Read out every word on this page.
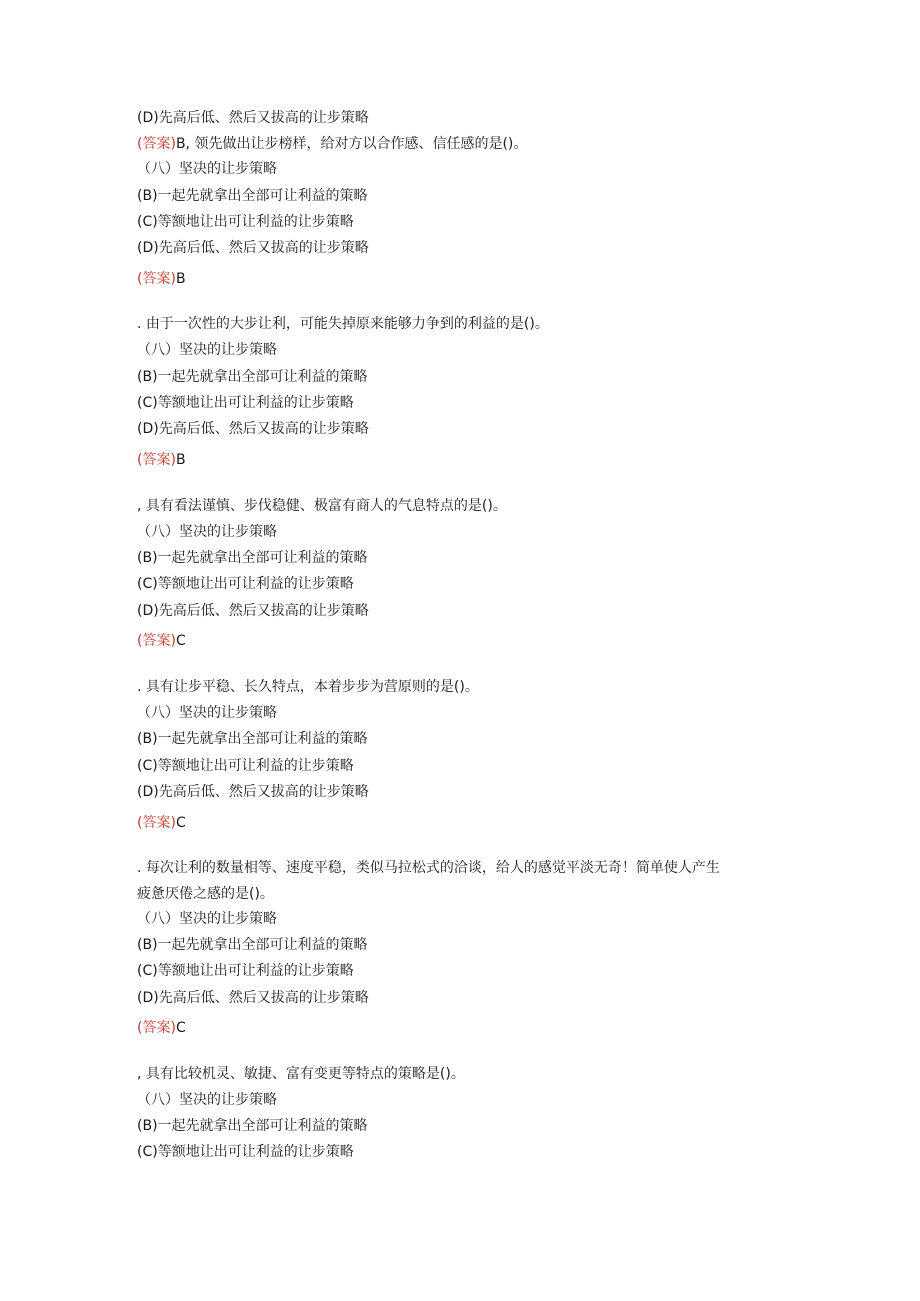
(D)先高后低、然后又拔高的让步策略
(答案)B, 领先做出让步榜样，给对方以合作感、信任感的是()。
（八）坚决的让步策略
(B)一起先就拿出全部可让利益的策略
(C)等额地让出可让利益的让步策略
(D)先高后低、然后又拔高的让步策略
(答案)B
. 由于一次性的大步让利，可能失掉原来能够力争到的利益的是()。
（八）坚决的让步策略
(B)一起先就拿出全部可让利益的策略
(C)等额地让出可让利益的让步策略
(D)先高后低、然后又拔高的让步策略
(答案)B
, 具有看法谨慎、步伐稳健、极富有商人的气息特点的是()。
（八）坚决的让步策略
(B)一起先就拿出全部可让利益的策略
(C)等额地让出可让利益的让步策略
(D)先高后低、然后又拔高的让步策略
(答案)C
. 具有让步平稳、长久特点，本着步步为营原则的是()。
（八）坚决的让步策略
(B)一起先就拿出全部可让利益的策略
(C)等额地让出可让利益的让步策略
(D)先高后低、然后又拔高的让步策略
(答案)C
. 每次让利的数量相等、速度平稳，类似马拉松式的洽谈，给人的感觉平淡无奇！简单使人产生
疲惫厌倦之感的是()。
（八）坚决的让步策略
(B)一起先就拿出全部可让利益的策略
(C)等额地让出可让利益的让步策略
(D)先高后低、然后又拔高的让步策略
(答案)C
, 具有比较机灵、敏捷、富有变更等特点的策略是()。
（八）坚决的让步策略
(B)一起先就拿出全部可让利益的策略
(C)等额地让出可让利益的让步策略
